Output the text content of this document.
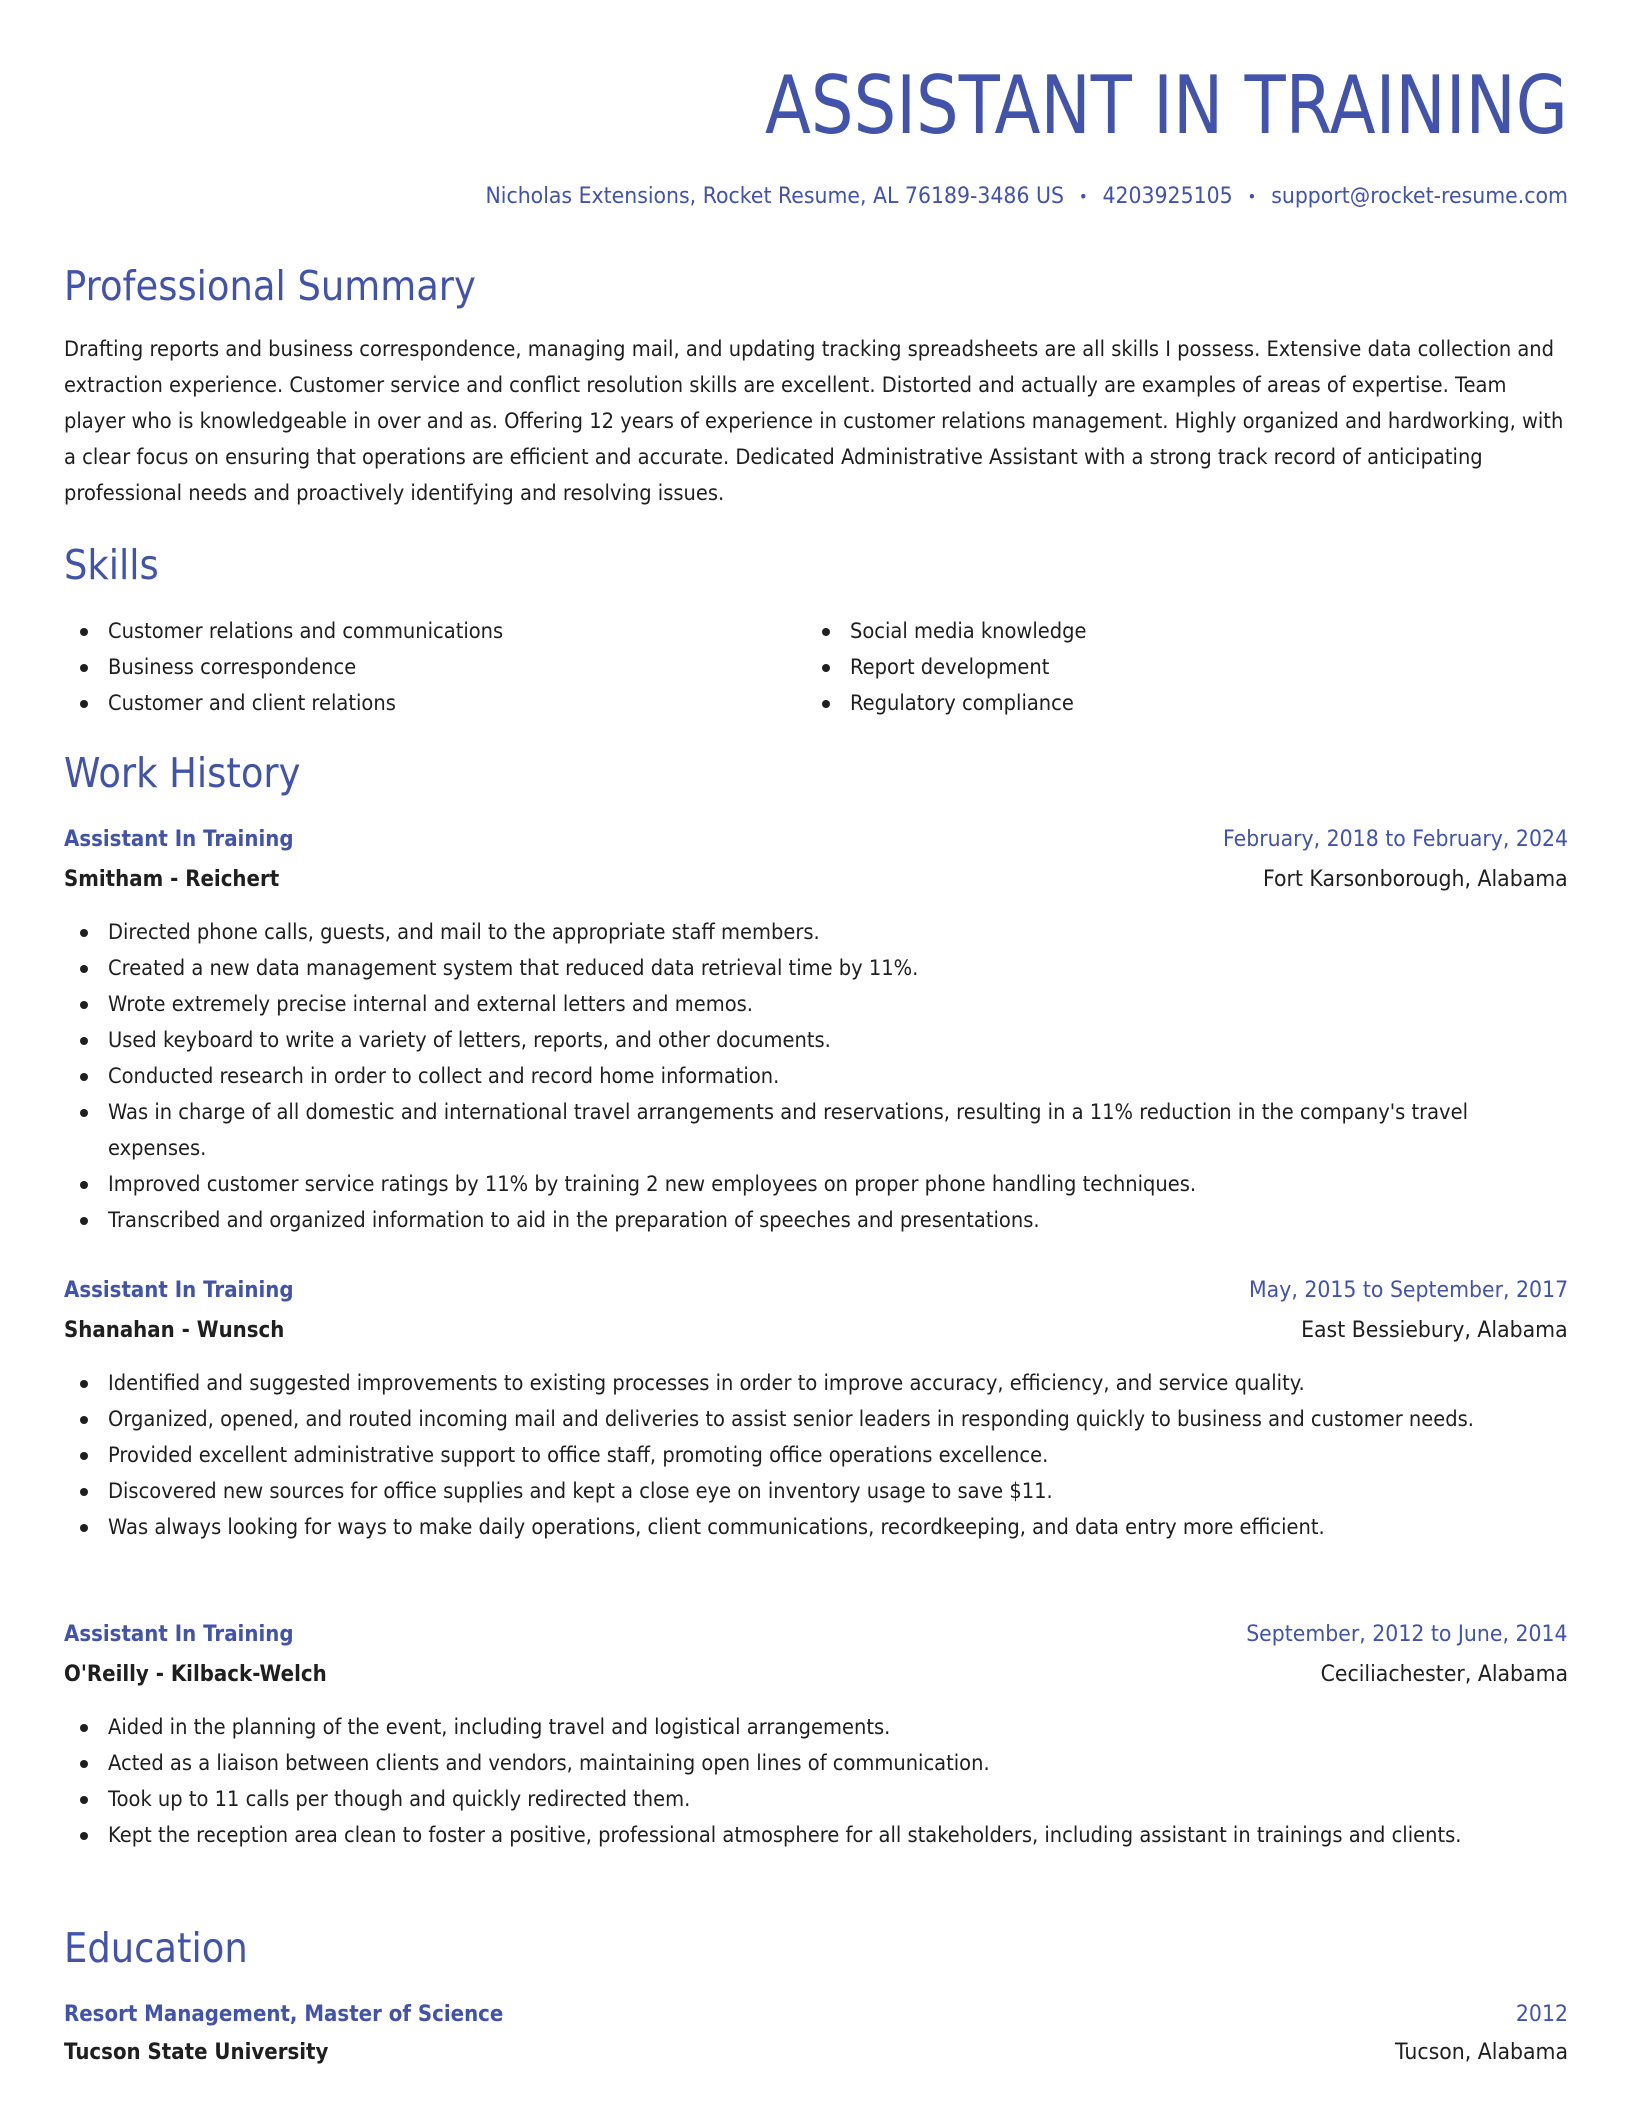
ASSISTANT IN TRAINING
Nicholas Extensions, Rocket Resume, AL 76189-3486 US • 4203925105 • support@rocket-resume.com
Professional Summary
Drafting reports and business correspondence, managing mail, and updating tracking spreadsheets are all skills I possess. Extensive data collection and extraction experience. Customer service and conflict resolution skills are excellent. Distorted and actually are examples of areas of expertise. Team player who is knowledgeable in over and as. Offering 12 years of experience in customer relations management. Highly organized and hardworking, with a clear focus on ensuring that operations are efficient and accurate. Dedicated Administrative Assistant with a strong track record of anticipating professional needs and proactively identifying and resolving issues.
Skills
Customer relations and communications
Business correspondence
Customer and client relations
Social media knowledge
Report development
Regulatory compliance
Work History
Assistant In Training	February, 2018 to February, 2024
Smitham - Reichert	Fort Karsonborough, Alabama
Directed phone calls, guests, and mail to the appropriate staff members.
Created a new data management system that reduced data retrieval time by 11%.
Wrote extremely precise internal and external letters and memos.
Used keyboard to write a variety of letters, reports, and other documents.
Conducted research in order to collect and record home information.
Was in charge of all domestic and international travel arrangements and reservations, resulting in a 11% reduction in the company's travel expenses.
Improved customer service ratings by 11% by training 2 new employees on proper phone handling techniques.
Transcribed and organized information to aid in the preparation of speeches and presentations.
Assistant In Training	May, 2015 to September, 2017
Shanahan - Wunsch	East Bessiebury, Alabama
Identified and suggested improvements to existing processes in order to improve accuracy, efficiency, and service quality.
Organized, opened, and routed incoming mail and deliveries to assist senior leaders in responding quickly to business and customer needs.
Provided excellent administrative support to office staff, promoting office operations excellence.
Discovered new sources for office supplies and kept a close eye on inventory usage to save $11.
Was always looking for ways to make daily operations, client communications, recordkeeping, and data entry more efficient.
Assistant In Training	September, 2012 to June, 2014
O'Reilly - Kilback-Welch	Ceciliachester, Alabama
Aided in the planning of the event, including travel and logistical arrangements.
Acted as a liaison between clients and vendors, maintaining open lines of communication.
Took up to 11 calls per though and quickly redirected them.
Kept the reception area clean to foster a positive, professional atmosphere for all stakeholders, including assistant in trainings and clients.
Education
Resort Management, Master of Science	2012
Tucson State University	Tucson, Alabama
